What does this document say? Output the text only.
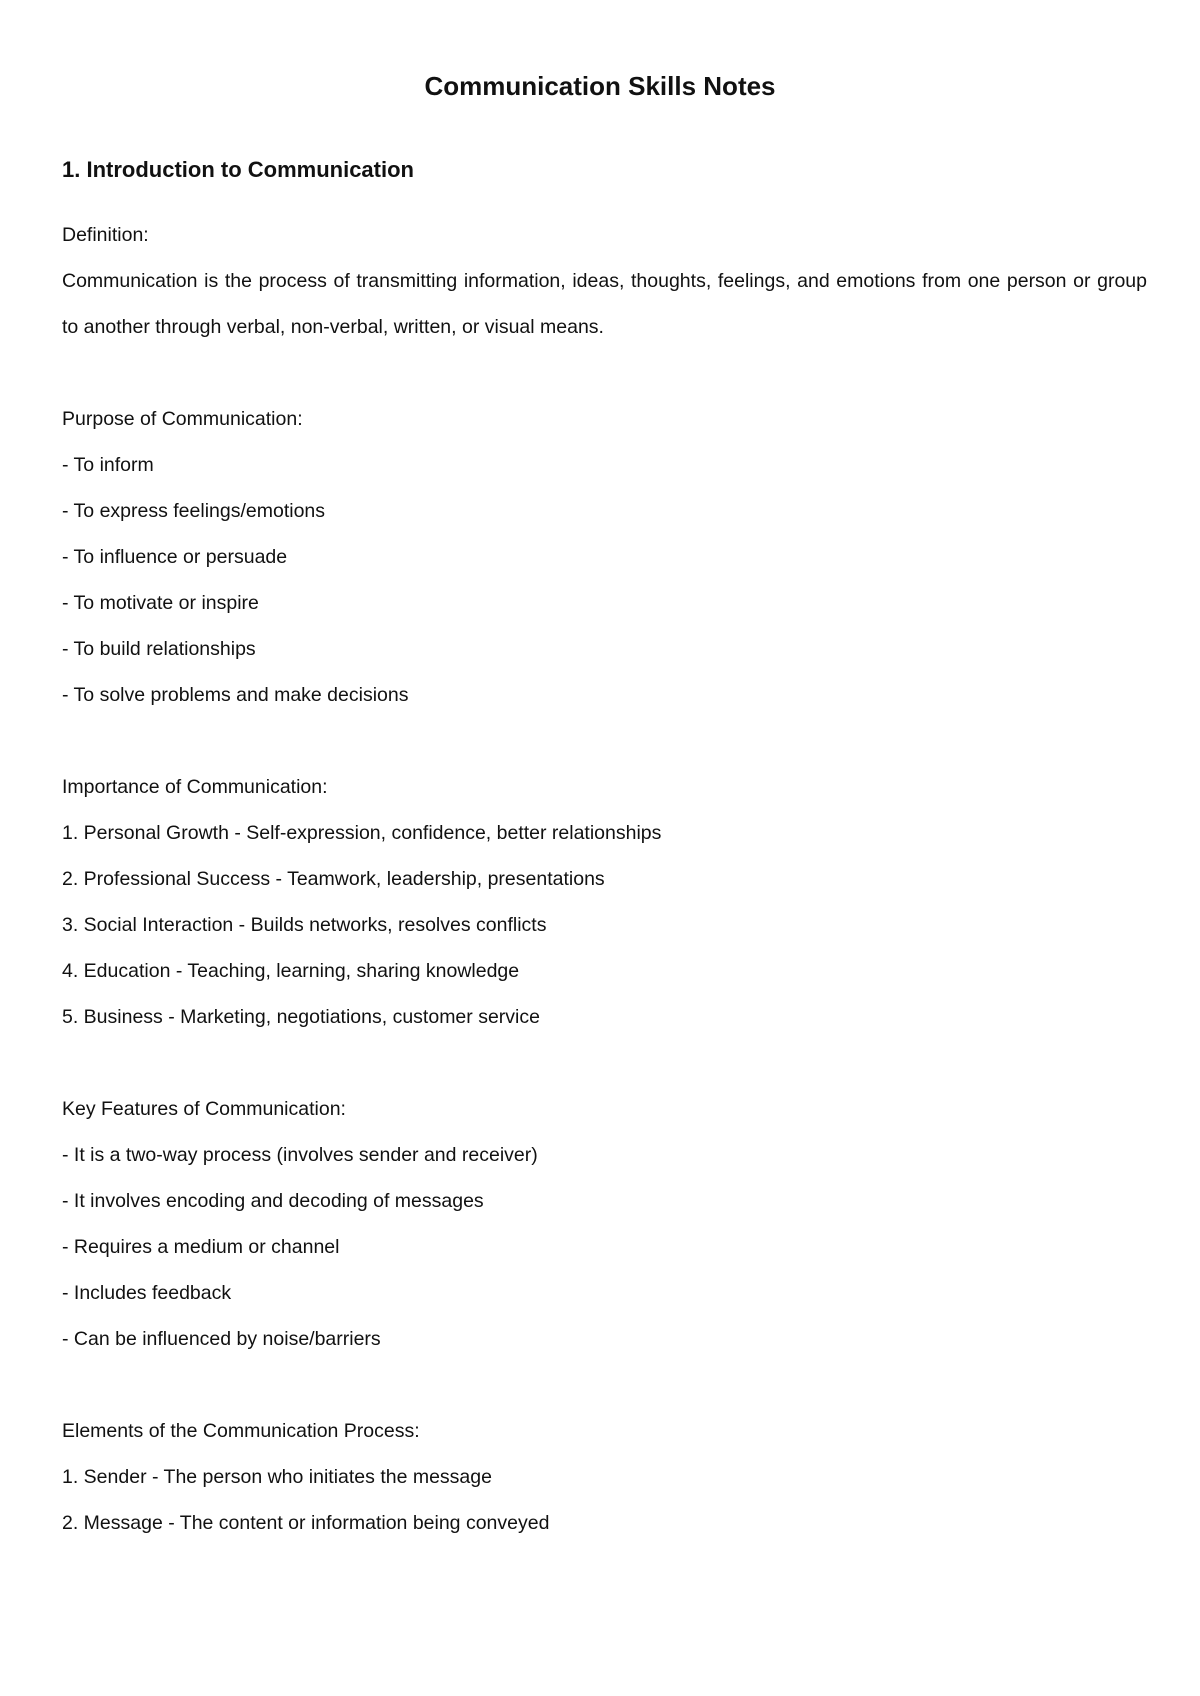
Communication Skills Notes
1. Introduction to Communication

Definition:

Communication is the process of transmitting information, ideas, thoughts, feelings, and emotions from one person or group to another through verbal, non-verbal, written, or visual means.

Purpose of Communication:

- To inform
- To express feelings/emotions
- To influence or persuade
- To motivate or inspire
- To build relationships
- To solve problems and make decisions

Importance of Communication:

1. Personal Growth - Self-expression, confidence, better relationships
2. Professional Success - Teamwork, leadership, presentations
3. Social Interaction - Builds networks, resolves conflicts
4. Education - Teaching, learning, sharing knowledge
5. Business - Marketing, negotiations, customer service

Key Features of Communication:

- It is a two-way process (involves sender and receiver)
- It involves encoding and decoding of messages
- Requires a medium or channel
- Includes feedback
- Can be influenced by noise/barriers

Elements of the Communication Process:

1. Sender - The person who initiates the message
2. Message - The content or information being conveyed
